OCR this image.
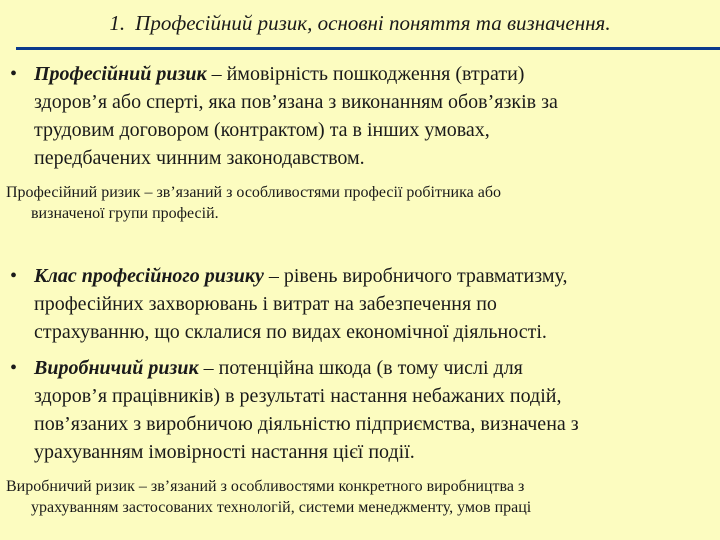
1. Професійний ризик, основні поняття та визначення.
• Професійний ризик – ймовірність пошкодження (втрати)
здоров’я або сперті, яка пов’язана з виконанням обов’язків за
трудовим договором (контрактом) та в інших умовах,
передбачених чинним законодавством.
Професійний ризик – зв’язаний з особливостями професії робітника або
визначеної групи професій.
• Клас професійного ризику – рівень виробничого травматизму,
професійних захворювань і витрат на забезпечення по
страхуванню, що склалися по видах економічної діяльності.
• Виробничий ризик – потенційна шкода (в тому числі для
здоров’я працівників) в результаті настання небажаних подій,
пов’язаних з виробничою діяльністю підприємства, визначена з
урахуванням імовірності настання цієї події.
Виробничий ризик – зв’язаний з особливостями конкретного виробництва з
урахуванням застосованих технологій, системи менеджменту, умов праці
